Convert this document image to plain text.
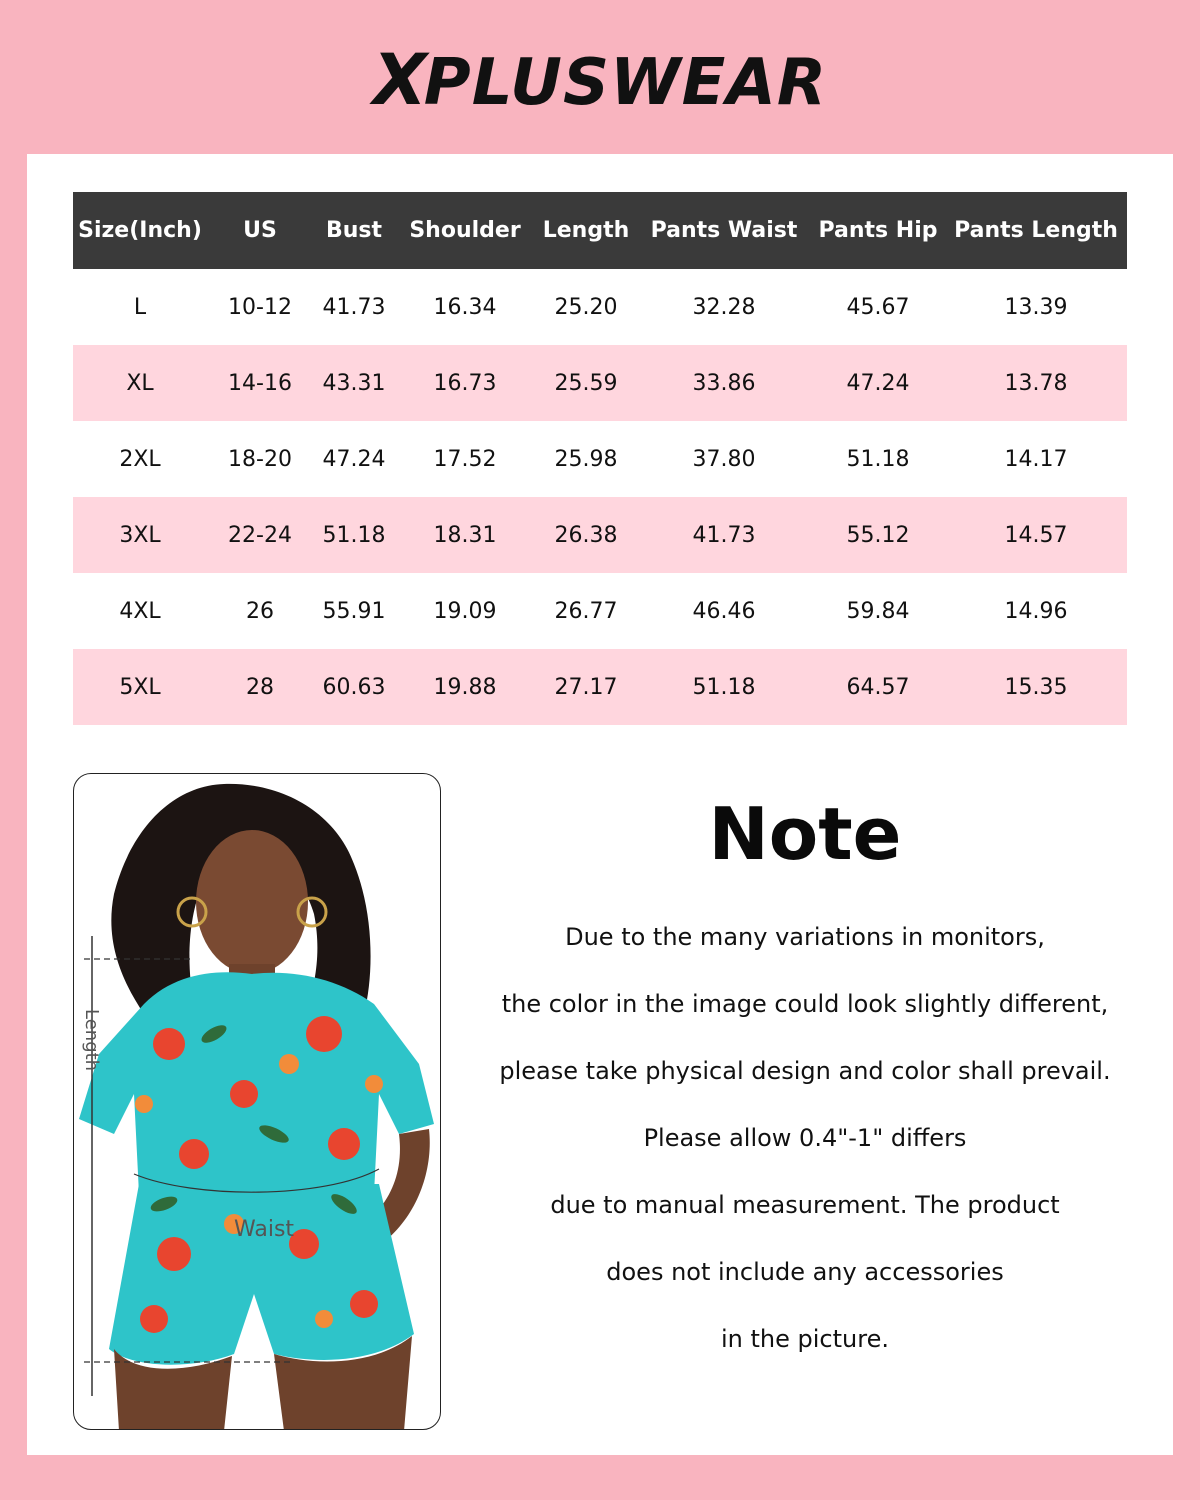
XPLUSWEAR
Size(Inch)	US	Bust	Shoulder	Length	Pants Waist	Pants Hip	Pants Length
L	10-12	41.73	16.34	25.20	32.28	45.67	13.39
XL	14-16	43.31	16.73	25.59	33.86	47.24	13.78
2XL	18-20	47.24	17.52	25.98	37.80	51.18	14.17
3XL	22-24	51.18	18.31	26.38	41.73	55.12	14.57
4XL	26	55.91	19.09	26.77	46.46	59.84	14.96
5XL	28	60.63	19.88	27.17	51.18	64.57	15.35
Length
Waist
Note
Due to the many variations in monitors,
the color in the image could look slightly different,
please take physical design and color shall prevail.
Please allow 0.4"-1" differs
due to manual measurement. The product
does not include any accessories
in the picture.
